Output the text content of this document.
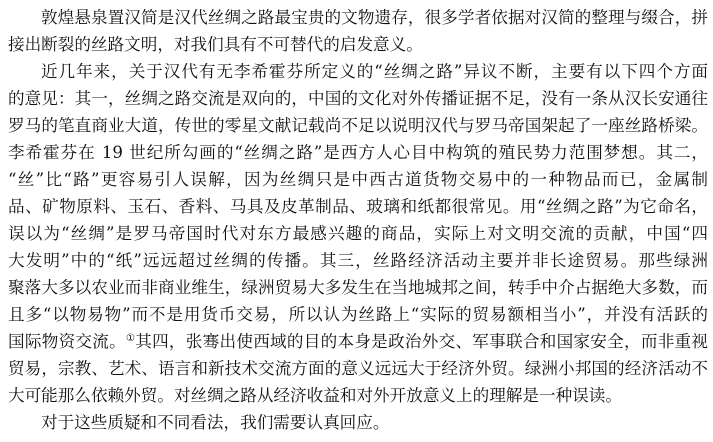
敦煌悬泉置汉简是汉代丝绸之路最宝贵的文物遗存，很多学者依据对汉简的整理与缀合，拼
接出断裂的丝路文明，对我们具有不可替代的启发意义。
近几年来，关于汉代有无李希霍芬所定义的“丝绸之路”异议不断，主要有以下四个方面
的意见：其一，丝绸之路交流是双向的，中国的文化对外传播证据不足，没有一条从汉长安通往
罗马的笔直商业大道，传世的零星文献记载尚不足以说明汉代与罗马帝国架起了一座丝路桥梁。
李希霍芬在 19 世纪所勾画的“丝绸之路”是西方人心目中构筑的殖民势力范围梦想。其二，
“丝”比“路”更容易引人误解，因为丝绸只是中西古道货物交易中的一种物品而已，金属制
品、矿物原料、玉石、香料、马具及皮革制品、玻璃和纸都很常见。用“丝绸之路”为它命名，
误以为“丝绸”是罗马帝国时代对东方最感兴趣的商品，实际上对文明交流的贡献，中国“四
大发明”中的“纸”远远超过丝绸的传播。其三，丝路经济活动主要并非长途贸易。那些绿洲
聚落大多以农业而非商业维生，绿洲贸易大多发生在当地城邦之间，转手中介占据绝大多数，而
且多“以物易物”而不是用货币交易，所以认为丝路上“实际的贸易额相当小”，并没有活跃的
国际物资交流。①其四，张骞出使西域的目的本身是政治外交、军事联合和国家安全，而非重视
贸易，宗教、艺术、语言和新技术交流方面的意义远远大于经济外贸。绿洲小邦国的经济活动不
大可能那么依赖外贸。对丝绸之路从经济收益和对外开放意义上的理解是一种误读。
对于这些质疑和不同看法，我们需要认真回应。
